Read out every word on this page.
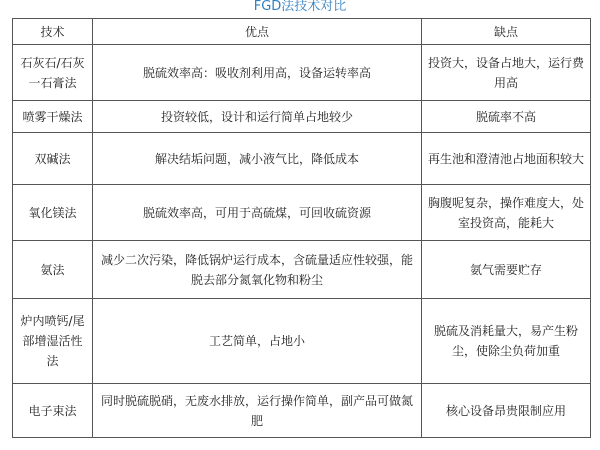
FGD法技术对比
技术	优点	缺点
石灰石/石灰一石膏法	脱硫效率高：吸收剂利用高，设备运转率高	投资大，设备占地大，运行费用高
喷雾干燥法	投资较低，设计和运行简单占地较少	脱硫率不高
双碱法	解决结垢问题，减小液气比，降低成本	再生池和澄清池占地面积较大
氧化镁法	脱硫效率高，可用于高硫煤，可回收硫资源	胸腹呢复杂，操作难度大，处室投资高，能耗大
氨法	减少二次污染，降低锅炉运行成本，含硫量适应性较强，能脱去部分氮氧化物和粉尘	氨气需要贮存
炉内喷钙/尾部增湿活性法	工艺简单，占地小	脱硫及消耗量大，易产生粉尘，使除尘负荷加重
电子束法	同时脱硫脱硝，无废水排放，运行操作简单，副产品可做氮肥	核心设备昂贵限制应用
